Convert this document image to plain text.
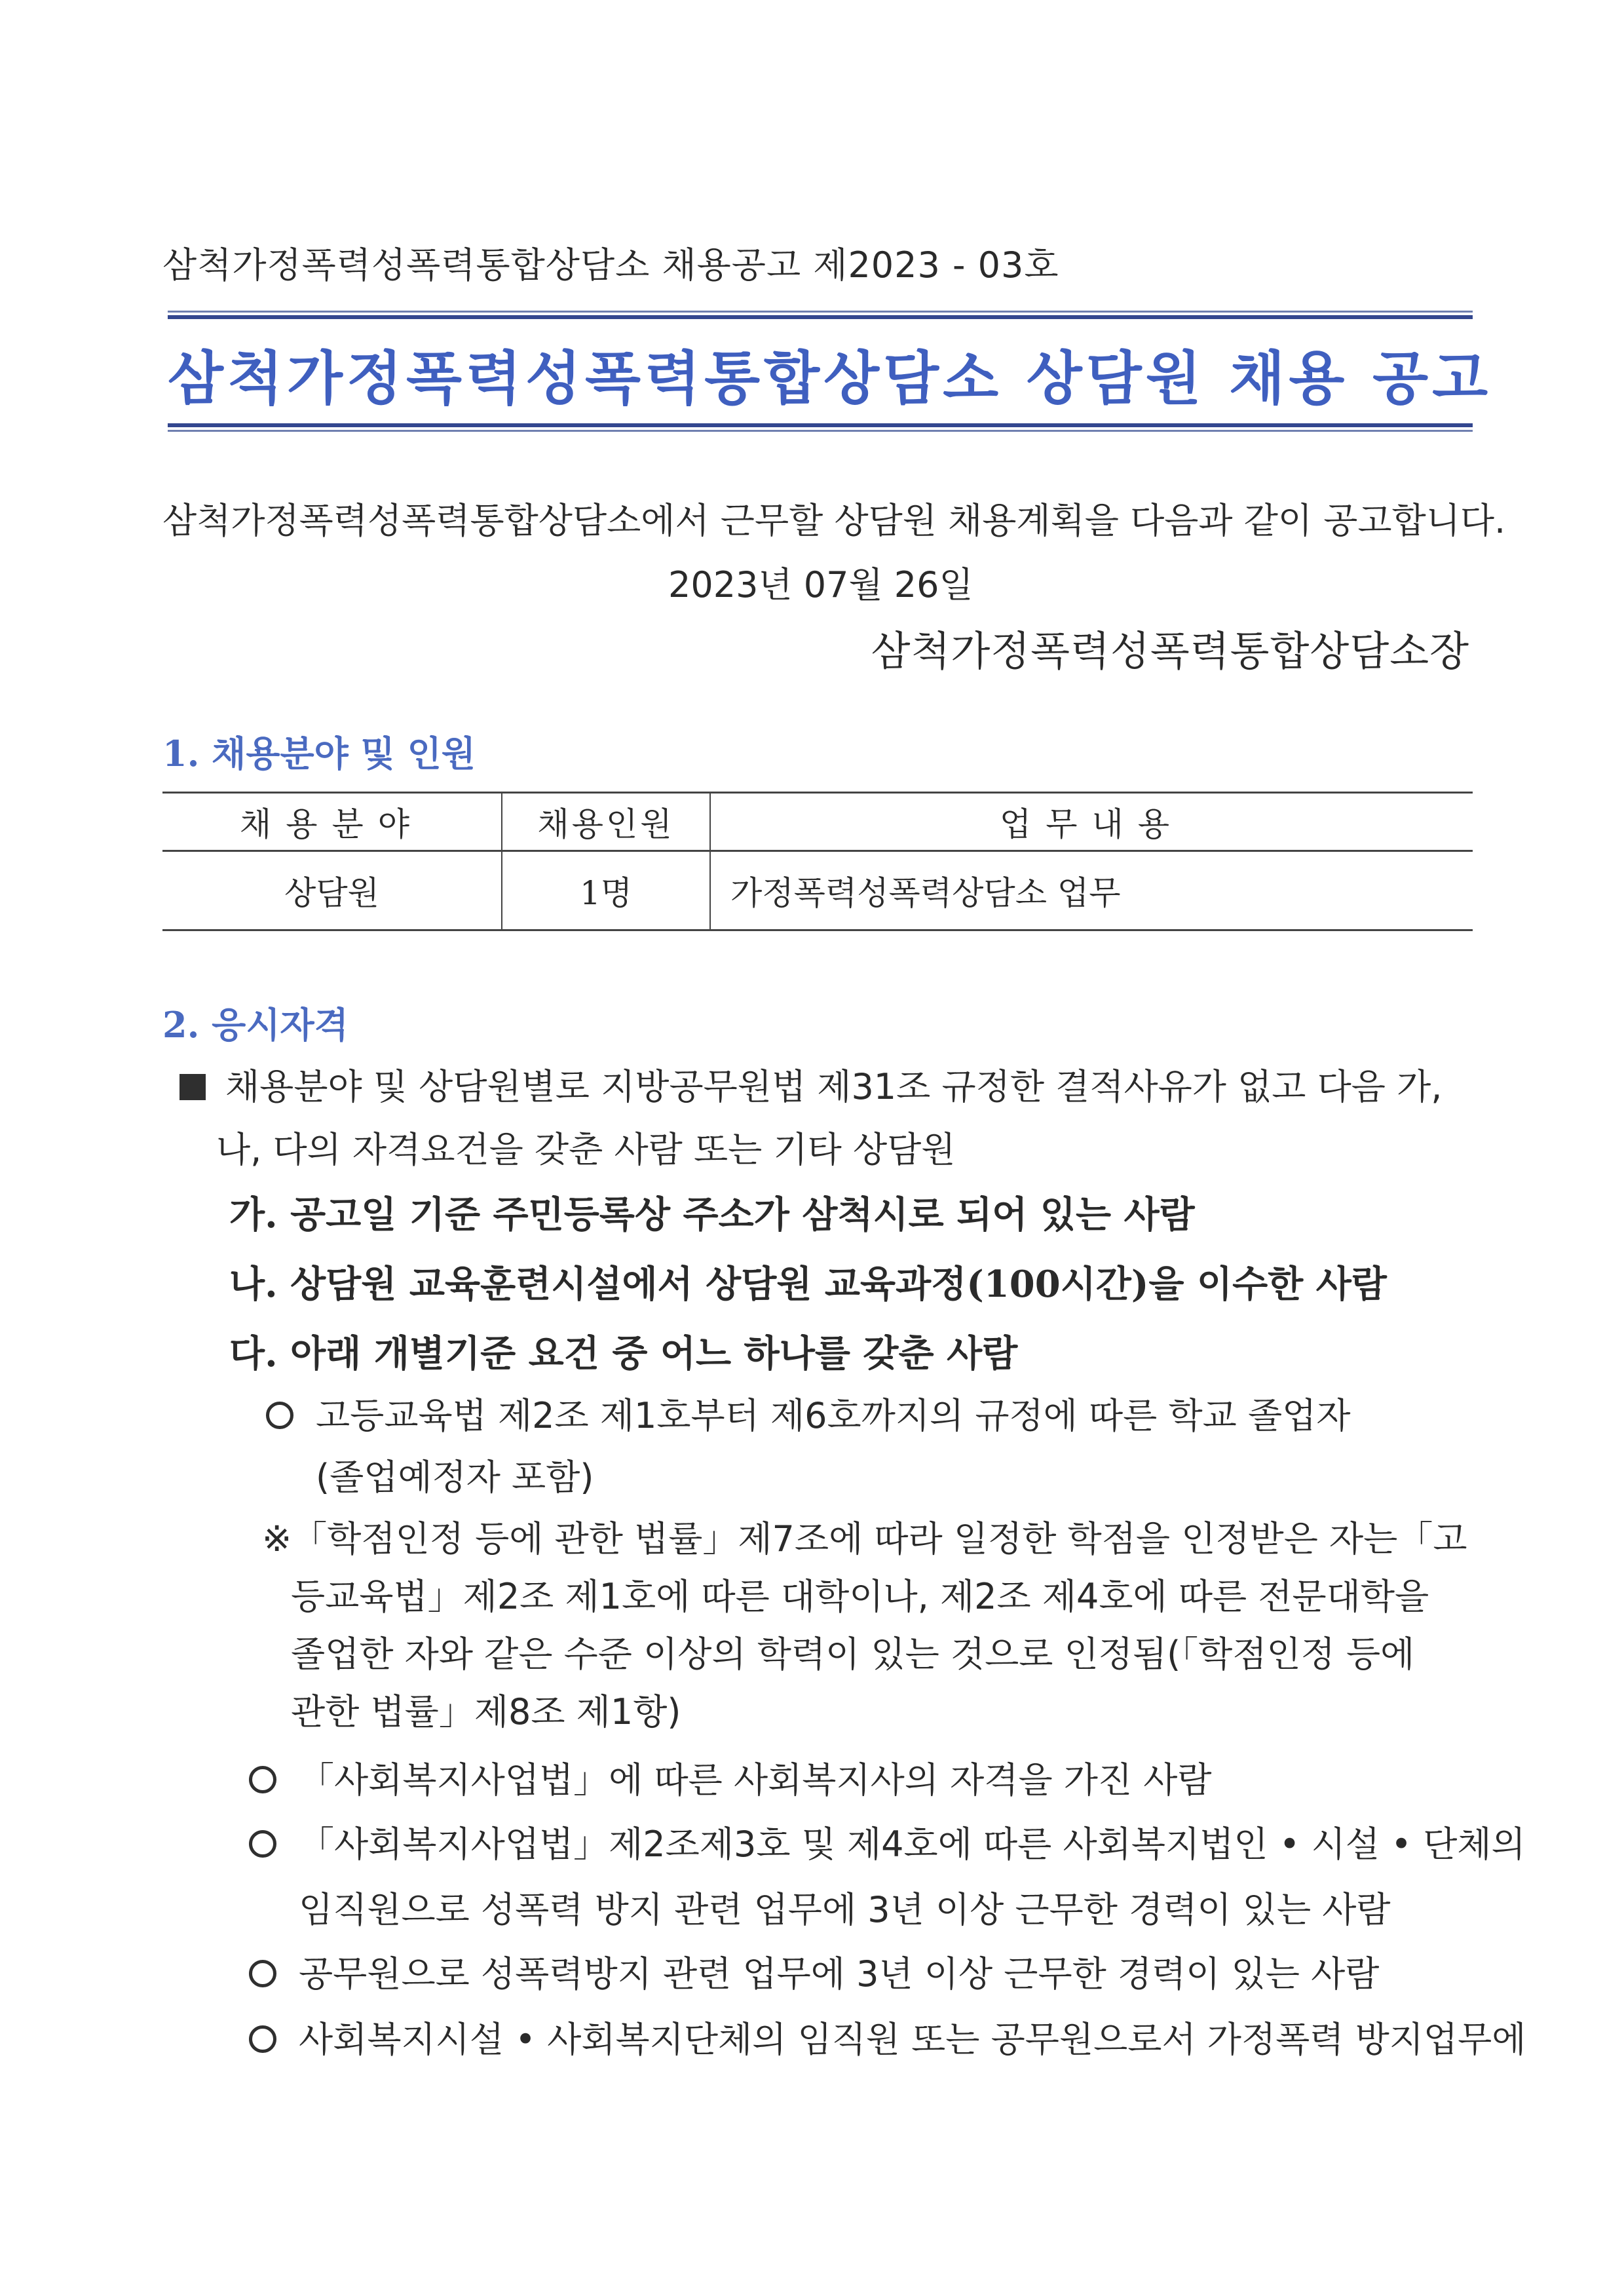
삼척가정폭력성폭력통합상담소 채용공고 제2023 - 03호
삼척가정폭력성폭력통합상담소 상담원 채용 공고
삼척가정폭력성폭력통합상담소에서 근무할 상담원 채용계획을 다음과 같이 공고합니다.
2023년 07월 26일
삼척가정폭력성폭력통합상담소장
1. 채용분야 및 인원
채용분야	채용인원	업무내용
상담원	1명	가정폭력성폭력상담소 업무
2. 응시자격
채용분야 및 상담원별로 지방공무원법 제31조 규정한 결적사유가 없고 다음 가,
나, 다의 자격요건을 갖춘 사람 또는 기타 상담원
가. 공고일 기준 주민등록상 주소가 삼척시로 되어 있는 사람
나. 상담원 교육훈련시설에서 상담원 교육과정(100시간)을 이수한 사람
다. 아래 개별기준 요건 중 어느 하나를 갖춘 사람
고등교육법 제2조 제1호부터 제6호까지의 규정에 따른 학교 졸업자
(졸업예정자 포함)
※「학점인정 등에 관한 법률」제7조에 따라 일정한 학점을 인정받은 자는「고
등교육법」제2조 제1호에 따른 대학이나, 제2조 제4호에 따른 전문대학을
졸업한 자와 같은 수준 이상의 학력이 있는 것으로 인정됨(「학점인정 등에
관한 법률」제8조 제1항)
「사회복지사업법」에 따른 사회복지사의 자격을 가진 사람
「사회복지사업법」제2조제3호 및 제4호에 따른 사회복지법인 • 시설 • 단체의
임직원으로 성폭력 방지 관련 업무에 3년 이상 근무한 경력이 있는 사람
공무원으로 성폭력방지 관련 업무에 3년 이상 근무한 경력이 있는 사람
사회복지시설 • 사회복지단체의 임직원 또는 공무원으로서 가정폭력 방지업무에
